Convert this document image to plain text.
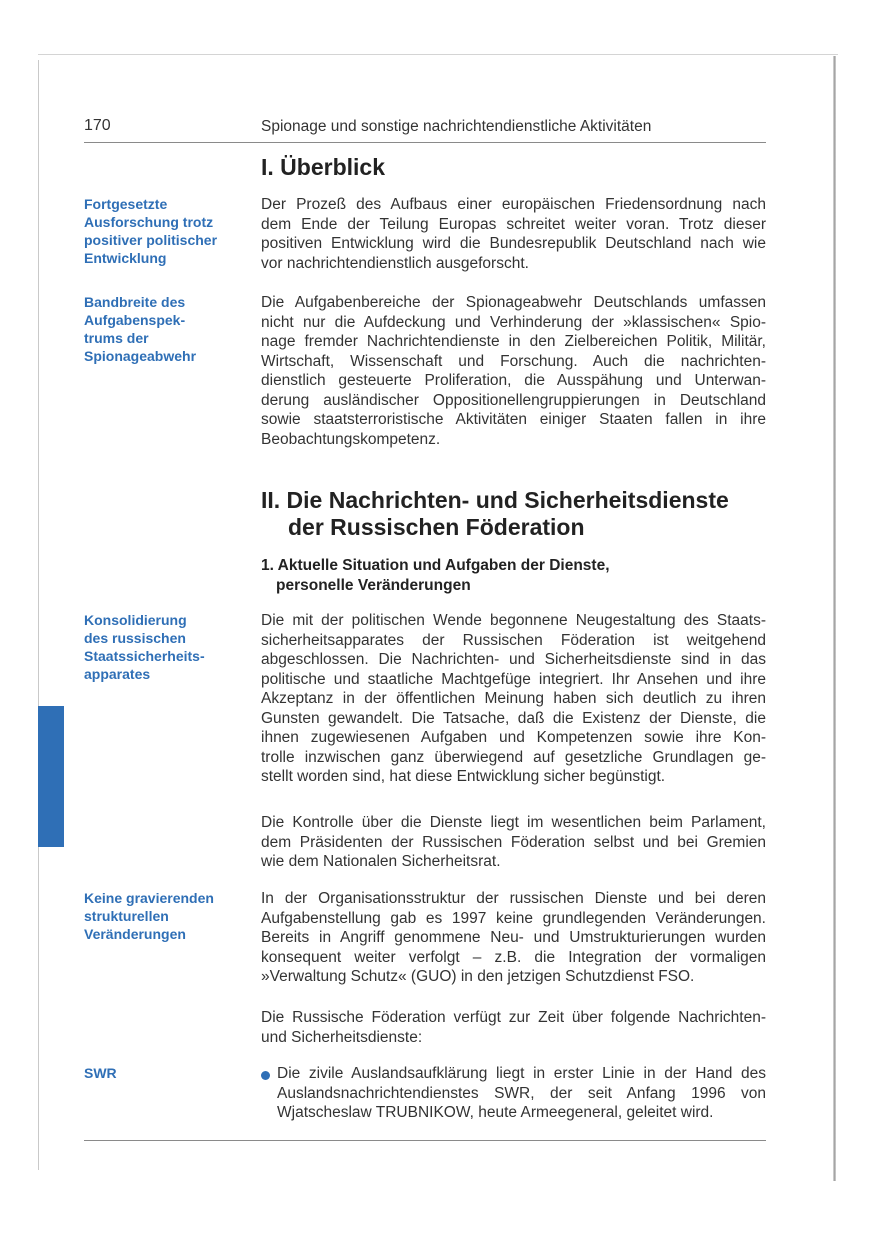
170	Spionage und sonstige nachrichtendienstliche Aktivitäten
Fortgesetzte
Ausforschung trotz
positiver politischer
Entwicklung
Bandbreite des
Aufgabenspek-
trums der
Spionageabwehr
Konsolidierung
des russischen
Staatssicherheits-
apparates
Keine gravierenden
strukturellen
Veränderungen
SWR
I. Überblick
Der Prozeß des Aufbaus einer europäischen Friedensordnung nach
dem Ende der Teilung Europas schreitet weiter voran. Trotz dieser
positiven Entwicklung wird die Bundesrepublik Deutschland nach wie
vor nachrichtendienstlich ausgeforscht.
Die Aufgabenbereiche der Spionageabwehr Deutschlands umfassen
nicht nur die Aufdeckung und Verhinderung der »klassischen« Spio-
nage fremder Nachrichtendienste in den Zielbereichen Politik, Militär,
Wirtschaft, Wissenschaft und Forschung. Auch die nachrichten-
dienstlich gesteuerte Proliferation, die Ausspähung und Unterwan-
derung ausländischer Oppositionellengruppierungen in Deutschland
sowie staatsterroristische Aktivitäten einiger Staaten fallen in ihre
Beobachtungskompetenz.
II. Die Nachrichten- und Sicherheitsdienste
der Russischen Föderation
1. Aktuelle Situation und Aufgaben der Dienste,
personelle Veränderungen
Die mit der politischen Wende begonnene Neugestaltung des Staats-
sicherheitsapparates der Russischen Föderation ist weitgehend
abgeschlossen. Die Nachrichten- und Sicherheitsdienste sind in das
politische und staatliche Machtgefüge integriert. Ihr Ansehen und ihre
Akzeptanz in der öffentlichen Meinung haben sich deutlich zu ihren
Gunsten gewandelt. Die Tatsache, daß die Existenz der Dienste, die
ihnen zugewiesenen Aufgaben und Kompetenzen sowie ihre Kon-
trolle inzwischen ganz überwiegend auf gesetzliche Grundlagen ge-
stellt worden sind, hat diese Entwicklung sicher begünstigt.
Die Kontrolle über die Dienste liegt im wesentlichen beim Parlament,
dem Präsidenten der Russischen Föderation selbst und bei Gremien
wie dem Nationalen Sicherheitsrat.
In der Organisationsstruktur der russischen Dienste und bei deren
Aufgabenstellung gab es 1997 keine grundlegenden Veränderungen.
Bereits in Angriff genommene Neu- und Umstrukturierungen wurden
konsequent weiter verfolgt – z.B. die Integration der vormaligen
»Verwaltung Schutz« (GUO) in den jetzigen Schutzdienst FSO.
Die Russische Föderation verfügt zur Zeit über folgende Nachrichten-
und Sicherheitsdienste:
Die zivile Auslandsaufklärung liegt in erster Linie in der Hand des
Auslandsnachrichtendienstes SWR, der seit Anfang 1996 von
Wjatscheslaw TRUBNIKOW, heute Armeegeneral, geleitet wird.
